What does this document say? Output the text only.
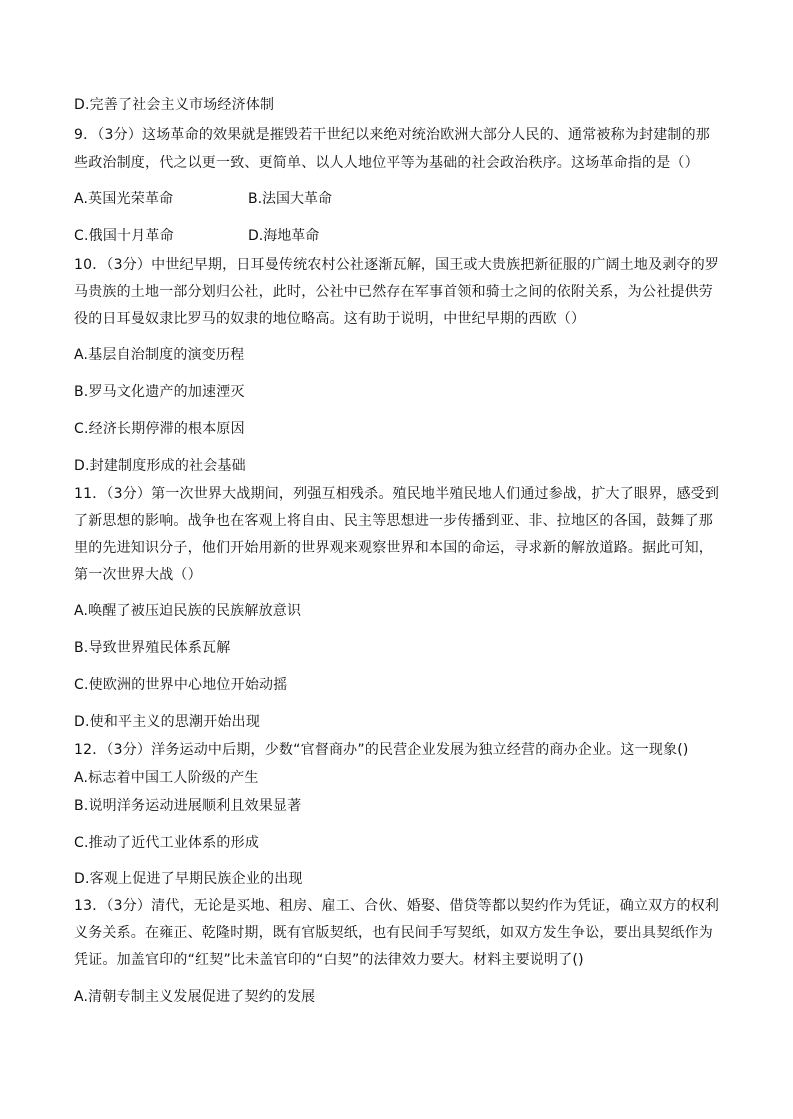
D.完善了社会主义市场经济体制
9．（3分）这场革命的效果就是摧毁若干世纪以来绝对统治欧洲大部分人民的、通常被称为封建制的那
些政治制度，代之以更一致、更简单、以人人地位平等为基础的社会政治秩序。这场革命指的是（）
A.英国光荣革命	B.法国大革命
C.俄国十月革命	D.海地革命
10．（3分）中世纪早期，日耳曼传统农村公社逐渐瓦解，国王或大贵族把新征服的广阔土地及剥夺的罗
马贵族的土地一部分划归公社，此时，公社中已然存在军事首领和骑士之间的依附关系，为公社提供劳
役的日耳曼奴隶比罗马的奴隶的地位略高。这有助于说明，中世纪早期的西欧（）
A.基层自治制度的演变历程
B.罗马文化遗产的加速湮灭
C.经济长期停滞的根本原因
D.封建制度形成的社会基础
11．（3分）第一次世界大战期间，列强互相残杀。殖民地半殖民地人们通过参战，扩大了眼界，感受到
了新思想的影响。战争也在客观上将自由、民主等思想进一步传播到亚、非、拉地区的各国，鼓舞了那
里的先进知识分子，他们开始用新的世界观来观察世界和本国的命运，寻求新的解放道路。据此可知，
第一次世界大战（）
A.唤醒了被压迫民族的民族解放意识
B.导致世界殖民体系瓦解
C.使欧洲的世界中心地位开始动摇
D.使和平主义的思潮开始出现
12．（3分）洋务运动中后期，少数“官督商办”的民营企业发展为独立经营的商办企业。这一现象()
A.标志着中国工人阶级的产生
B.说明洋务运动进展顺利且效果显著
C.推动了近代工业体系的形成
D.客观上促进了早期民族企业的出现
13．（3分）清代，无论是买地、租房、雇工、合伙、婚娶、借贷等都以契约作为凭证，确立双方的权利
义务关系。在雍正、乾隆时期，既有官版契纸，也有民间手写契纸，如双方发生争讼，要出具契纸作为
凭证。加盖官印的“红契”比未盖官印的“白契”的法律效力要大。材料主要说明了()
A.清朝专制主义发展促进了契约的发展
